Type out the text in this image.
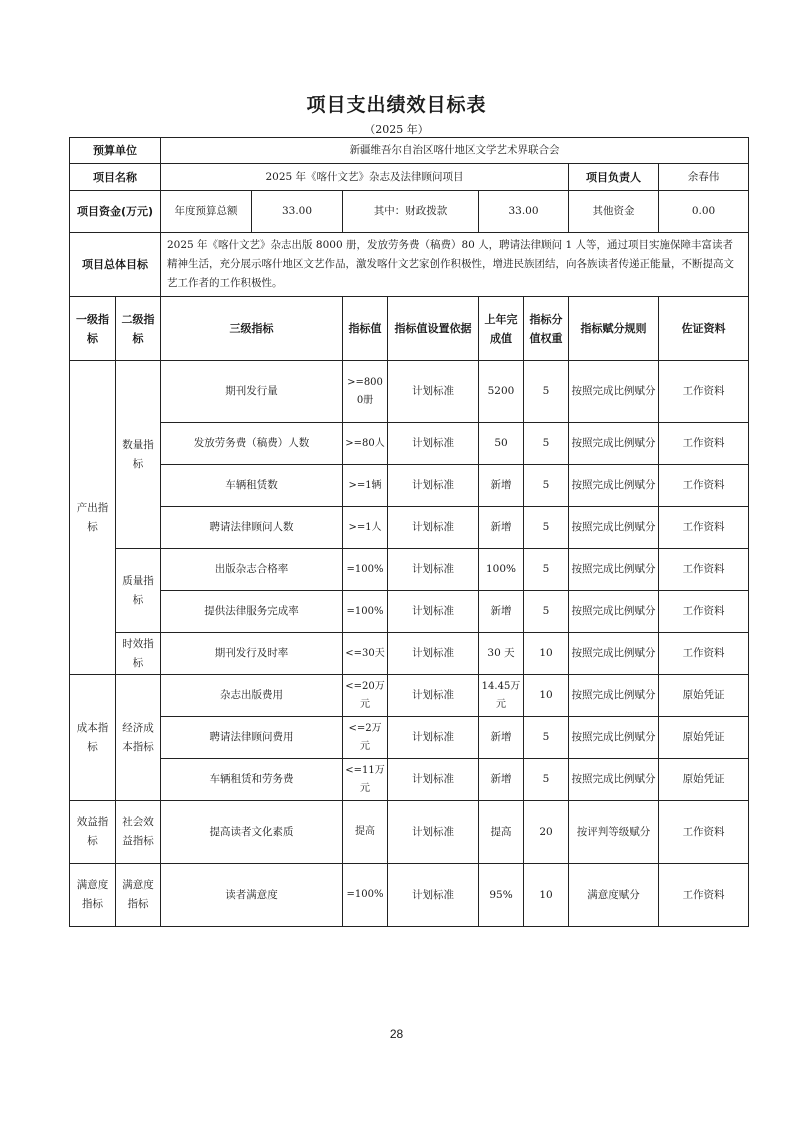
项目支出绩效目标表
（2025 年）
预算单位		新疆维吾尔自治区喀什地区文学艺术界联合会							
项目名称		2025 年《喀什文艺》杂志及法律顾问项目						项目负责人	余春伟
项目资金(万元)		年度预算总额	33.00	其中：财政拨款		33.00		其他资金	0.00
项目总体目标		2025 年《喀什文艺》杂志出版 8000 册，发放劳务费（稿费）80 人，聘请法律顾问 1 人等，通过项目实施保障丰富读者精神生活，充分展示喀什地区文艺作品，激发喀什文艺家创作积极性，增进民族团结，向各族读者传递正能量，不断提高文艺工作者的工作积极性。							
一级指标	二级指标	三级指标		指标值	指标值设置依据	上年完成值	指标分值权重	指标赋分规则	佐证资料
产出指标	数量指标	期刊发行量		>=8000册	计划标准	5200	5	按照完成比例赋分	工作资料
		发放劳务费（稿费）人数		>=80人	计划标准	50	5	按照完成比例赋分	工作资料
		车辆租赁数		>=1辆	计划标准	新增	5	按照完成比例赋分	工作资料
		聘请法律顾问人数		>=1人	计划标准	新增	5	按照完成比例赋分	工作资料
	质量指标	出版杂志合格率		=100%	计划标准	100%	5	按照完成比例赋分	工作资料
		提供法律服务完成率		=100%	计划标准	新增	5	按照完成比例赋分	工作资料
	时效指标	期刊发行及时率		<=30天	计划标准	30 天	10	按照完成比例赋分	工作资料
成本指标	经济成本指标	杂志出版费用		<=20万元	计划标准	14.45万元	10	按照完成比例赋分	原始凭证
		聘请法律顾问费用		<=2万元	计划标准	新增	5	按照完成比例赋分	原始凭证
		车辆租赁和劳务费		<=11万元	计划标准	新增	5	按照完成比例赋分	原始凭证
效益指标	社会效益指标	提高读者文化素质		提高	计划标准	提高	20	按评判等级赋分	工作资料
满意度指标	满意度指标	读者满意度		=100%	计划标准	95%	10	满意度赋分	工作资料
28
